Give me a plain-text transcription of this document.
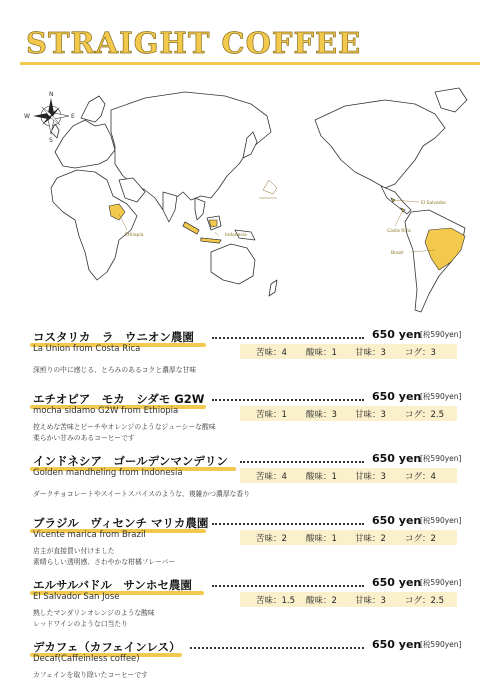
STRAIGHT COFFEE
Ethiopia	Indonesia
El Salvador
Costa Rica
Brazil
N
S
E
W
コスタリカ　ラ　ウニオン農園	650 yen
[税590yen]
La Union from Costa Rica	苦味：4 酸味：1 甘味：3 コグ：3
深煎りの中に感じる、とろみのあるコクと濃厚な甘味
エチオピア　モカ　シダモ G2W	650 yen
[税590yen]
mocha sidamo G2W from Ethiopia	苦味：1 酸味：3 甘味：3 コグ：2.5
控えめな苦味とピーチやオレンジのようなジューシーな酸味
柔らかい甘みのあるコーヒーです
インドネシア　ゴールデンマンデリン	650 yen
[税590yen]
Golden mandheling from Indonesia	苦味：4 酸味：1 甘味：3 コグ：4
ダークチョコレートやスイートスパイスのような、複雑かつ濃厚な香り
ブラジル　ヴィセンチ マリカ農園	650 yen
[税590yen]
Vicente marica from Brazil	苦味：2 酸味：1 甘味：2 コグ：2
店主が直接買い付けました
素晴らしい透明感、さわやかな柑橘フレーバー
エルサルバドル　サンホセ農園	650 yen
[税590yen]
El Salvador San Jose	苦味：1.5 酸味：2 甘味：3 コグ：2.5
熟したマンダリンオレンジのような酸味
レッドワインのような口当たり
デカフェ（カフェインレス）	650 yen
[税590yen]
Decaf(Caffeinless coffee)
カフェインを取り除いたコーヒーです
